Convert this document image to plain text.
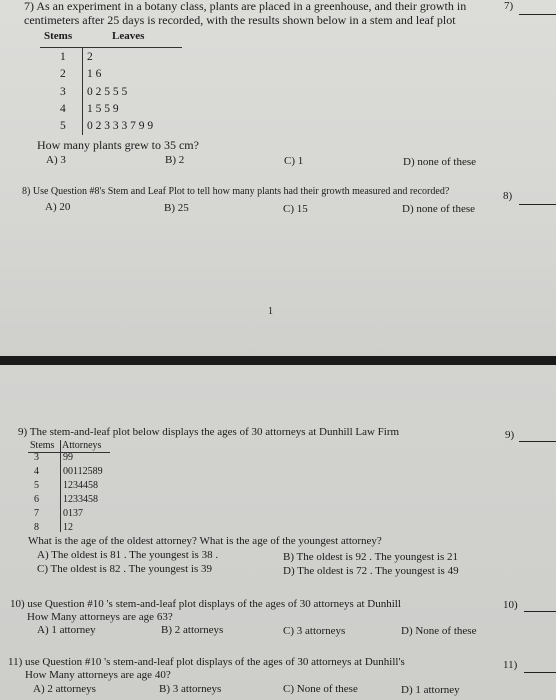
7) As an experiment in a botany class, plants are placed in a greenhouse, and their growth in
centimeters after 25 days is recorded, with the results shown below in a stem and leaf plot
7)
Stems	Leaves
1 2
2 1 6
3 0 2 5 5 5
4 1 5 5 9
5 0 2 3 3 3 7 9 9
How many plants grew to 35 cm?
A) 3	B) 2	C) 1	D) none of these
8) Use Question #8's Stem and Leaf Plot to tell how many plants had their growth measured and recorded?	8)
A) 20	B) 25	C) 15	D) none of these
1
9) The stem-and-leaf plot below displays the ages of 30 attorneys at Dunhill Law Firm	9)
Stems Attorneys
3 99
4 00112589
5 1234458
6 1233458
7 0137
8 12
What is the age of the oldest attorney? What is the age of the youngest attorney?
A) The oldest is 81 . The youngest is 38 .	B) The oldest is 92 . The youngest is 21
C) The oldest is 82 . The youngest is 39	D) The oldest is 72 . The youngest is 49
10) use Question #10 's stem-and-leaf plot displays of the ages of 30 attorneys at Dunhill	10)
How Many attorneys are age 63?
A) 1 attorney	B) 2 attorneys	C) 3 attorneys	D) None of these
11) use Question #10 's stem-and-leaf plot displays of the ages of 30 attorneys at Dunhill's	11)
How Many attorneys are age 40?
A) 2 attorneys	B) 3 attorneys	C) None of these	D) 1 attorney
